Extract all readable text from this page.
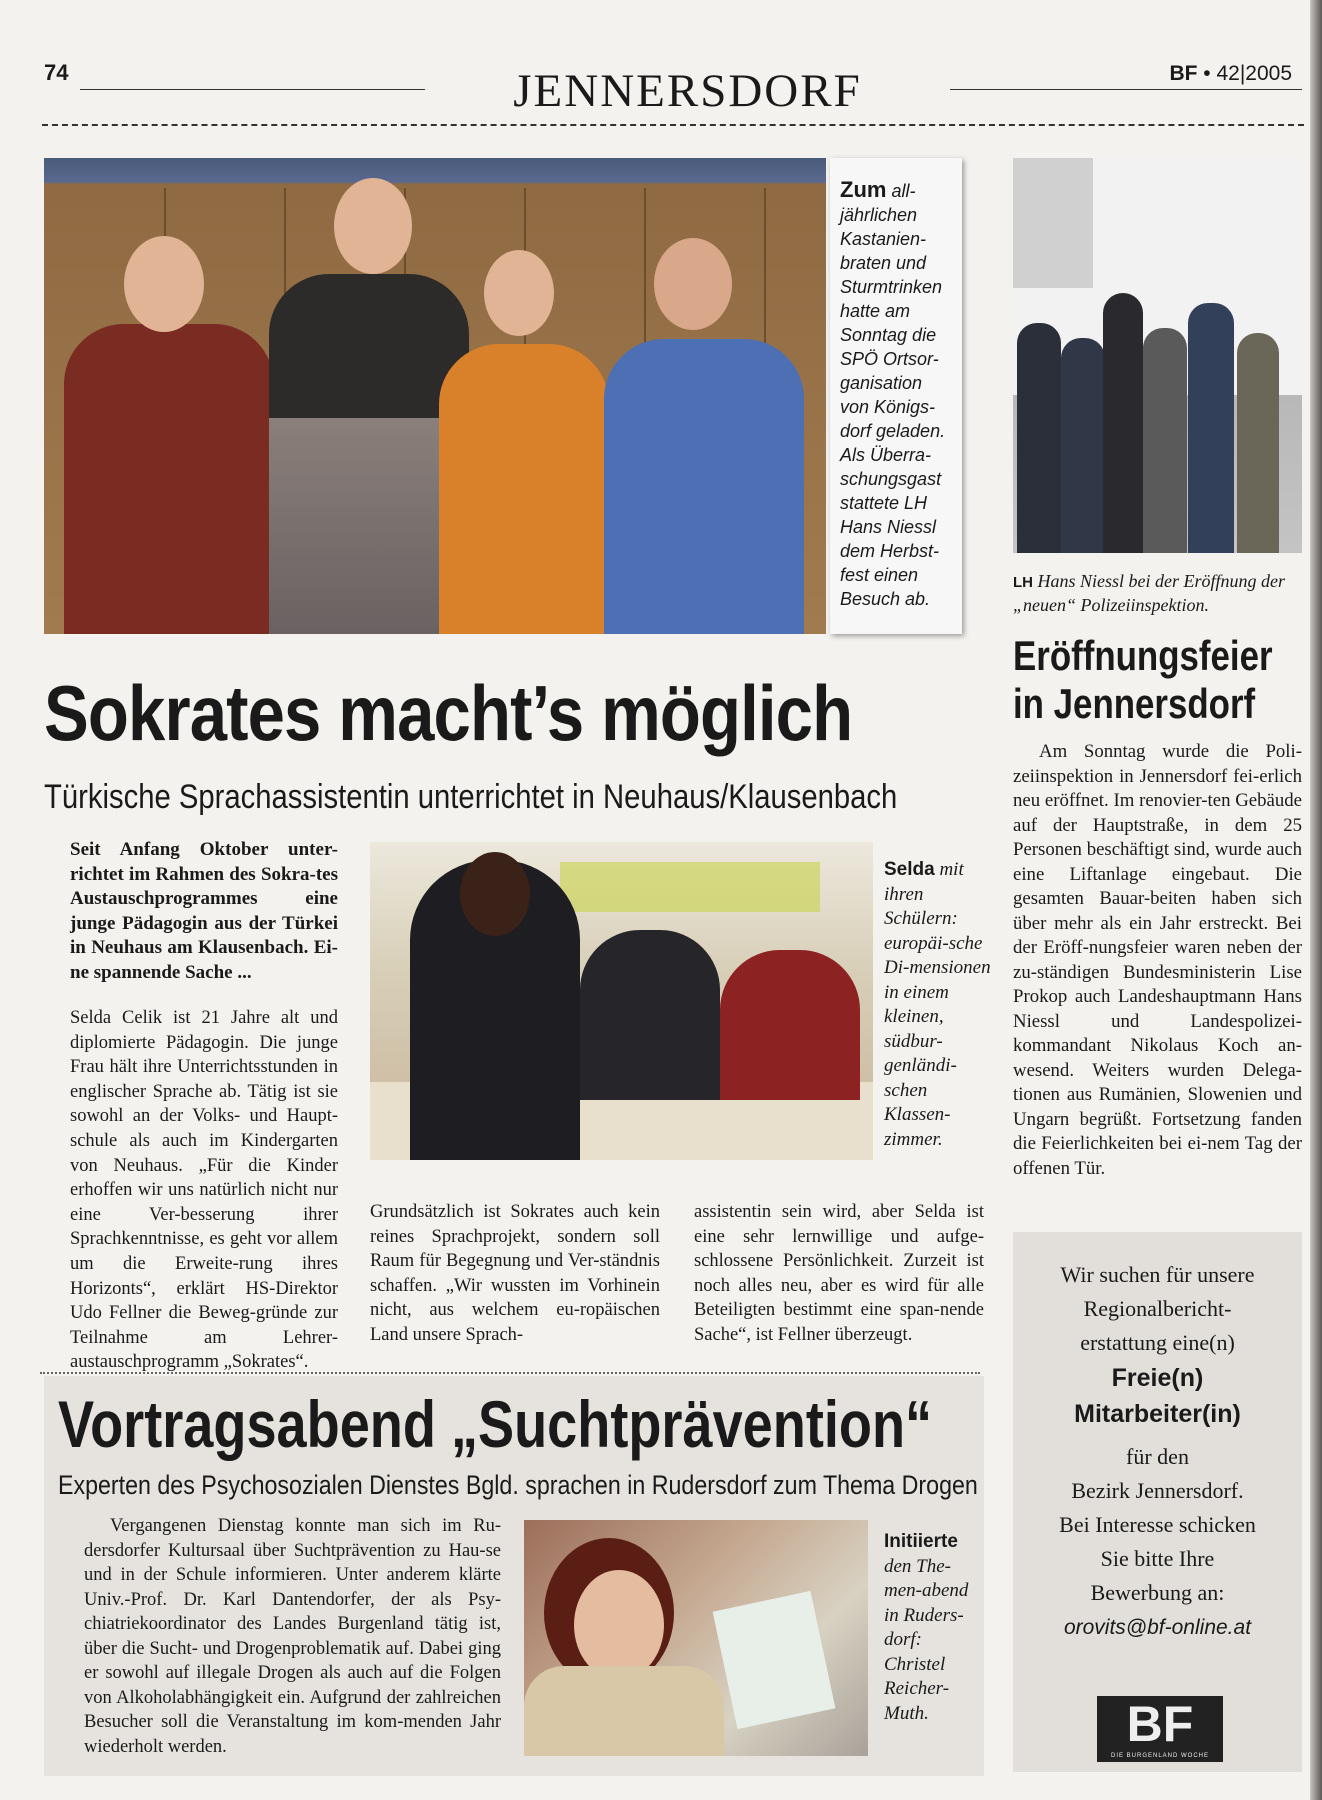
74	JENNERSDORF	BF • 42|2005
Zum all-jährlichen Kastanien-braten und Sturmtrinken hatte am Sonntag die SPÖ Ortsor-ganisation von Königs-dorf geladen. Als Überra-schungsgast stattete LH Hans Niessl dem Herbst-fest einen Besuch ab.
LH Hans Niessl bei der Eröffnung der „neuen“ Polizeiinspektion.
Sokrates macht’s möglich
Türkische Sprachassistentin unterrichtet in Neuhaus/Klausenbach
Seit Anfang Oktober unter-richtet im Rahmen des Sokra-tes Austauschprogrammes eine junge Pädagogin aus der Türkei in Neuhaus am Klausenbach. Ei-ne spannende Sache ...
Selda Celik ist 21 Jahre alt und diplomierte Pädagogin. Die junge Frau hält ihre Unterrichtsstunden in englischer Sprache ab. Tätig ist sie sowohl an der Volks- und Haupt-schule als auch im Kindergarten von Neuhaus. „Für die Kinder erhoffen wir uns natürlich nicht nur eine Ver-besserung ihrer Sprachkenntnisse, es geht vor allem um die Erweite-rung ihres Horizonts“, erklärt HS-Direktor Udo Fellner die Beweg-gründe zur Teilnahme am Lehrer-austauschprogramm „Sokrates“.
Selda mit ihren Schülern: europäi-sche Di-mensionen in einem kleinen, südbur-genländi-schen Klassen-zimmer.
Grundsätzlich ist Sokrates auch kein reines Sprachprojekt, sondern soll Raum für Begegnung und Ver-ständnis schaffen. „Wir wussten im Vorhinein nicht, aus welchem eu-ropäischen Land unsere Sprach-
assistentin sein wird, aber Selda ist eine sehr lernwillige und aufge-schlossene Persönlichkeit. Zurzeit ist noch alles neu, aber es wird für alle Beteiligten bestimmt eine span-nende Sache“, ist Fellner überzeugt.
Eröffnungsfeier in Jennersdorf

Am Sonntag wurde die Poli-zeiinspektion in Jennersdorf fei-erlich neu eröffnet. Im renovier-ten Gebäude auf der Hauptstraße, in dem 25 Personen beschäftigt sind, wurde auch eine Liftanlage eingebaut. Die gesamten Bauar-beiten haben sich über mehr als ein Jahr erstreckt. Bei der Eröff-nungsfeier waren neben der zu-ständigen Bundesministerin Lise Prokop auch Landeshauptmann Hans Niessl und Landespolizei-kommandant Nikolaus Koch an-wesend. Weiters wurden Delega-tionen aus Rumänien, Slowenien und Ungarn begrüßt. Fortsetzung fanden die Feierlichkeiten bei ei-nem Tag der offenen Tür.

Vortragsabend „Suchtprävention“
Experten des Psychosozialen Dienstes Bgld. sprachen in Rudersdorf zum Thema Drogen

Vergangenen Dienstag konnte man sich im Ru-dersdorfer Kultursaal über Suchtprävention zu Hau-se und in der Schule informieren. Unter anderem klärte Univ.-Prof. Dr. Karl Dantendorfer, der als Psy-chiatriekoordinator des Landes Burgenland tätig ist, über die Sucht- und Drogenproblematik auf. Dabei ging er sowohl auf illegale Drogen als auch auf die Folgen von Alkoholabhängigkeit ein. Aufgrund der zahlreichen Besucher soll die Veranstaltung im kom-menden Jahr wiederholt werden.

Initiierte den The-men-abend in Ruders-dorf: Christel Reicher-Muth.
Wir suchen für unsere
Regionalbericht-
erstattung eine(n)
Freie(n)
Mitarbeiter(in)
für den
Bezirk Jennersdorf.
Bei Interesse schicken
Sie bitte Ihre
Bewerbung an:
orovits@bf-online.at
BF
DIE BURGENLAND WOCHE
